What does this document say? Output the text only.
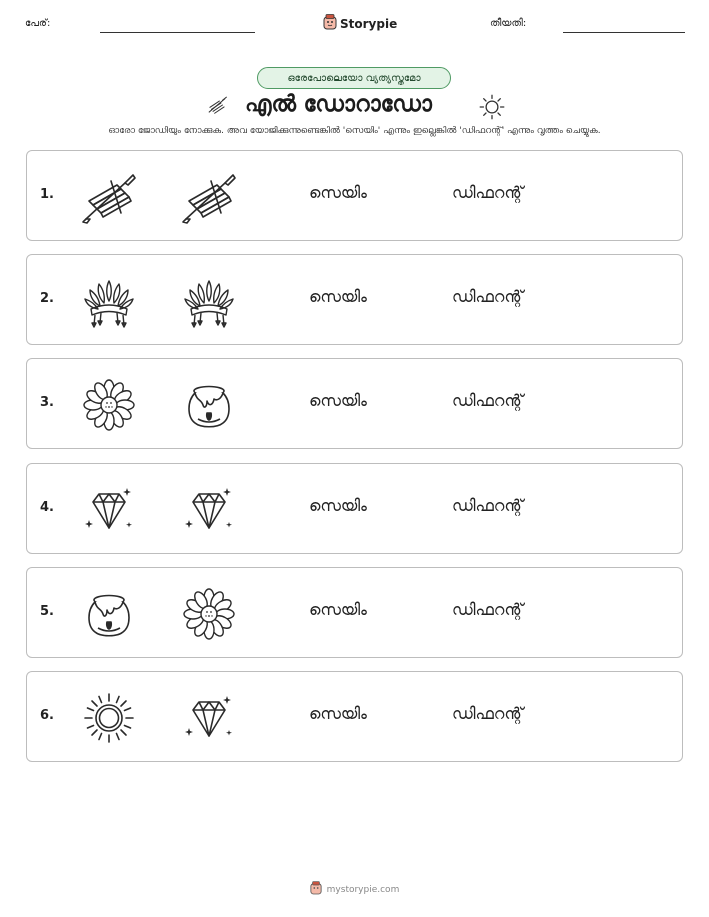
പേര്:	Storypie	തീയതി:
ഒരേപോലെയോ വ്യത്യസ്തമോ
എൽ ഡോറാഡോ
ഓരോ ജോഡിയും നോക്കുക. അവ യോജിക്കുന്നുണ്ടെങ്കിൽ 'സെയിം' എന്നും ഇല്ലെങ്കിൽ 'ഡിഫറന്റ്' എന്നും വൃത്തം ചെയ്യുക.
1.	സെയിം	ഡിഫറന്റ്
2.	സെയിം	ഡിഫറന്റ്
3.	സെയിം	ഡിഫറന്റ്
4.	സെയിം	ഡിഫറന്റ്
5.	സെയിം	ഡിഫറന്റ്
6.	സെയിം	ഡിഫറന്റ്
mystorypie.com
